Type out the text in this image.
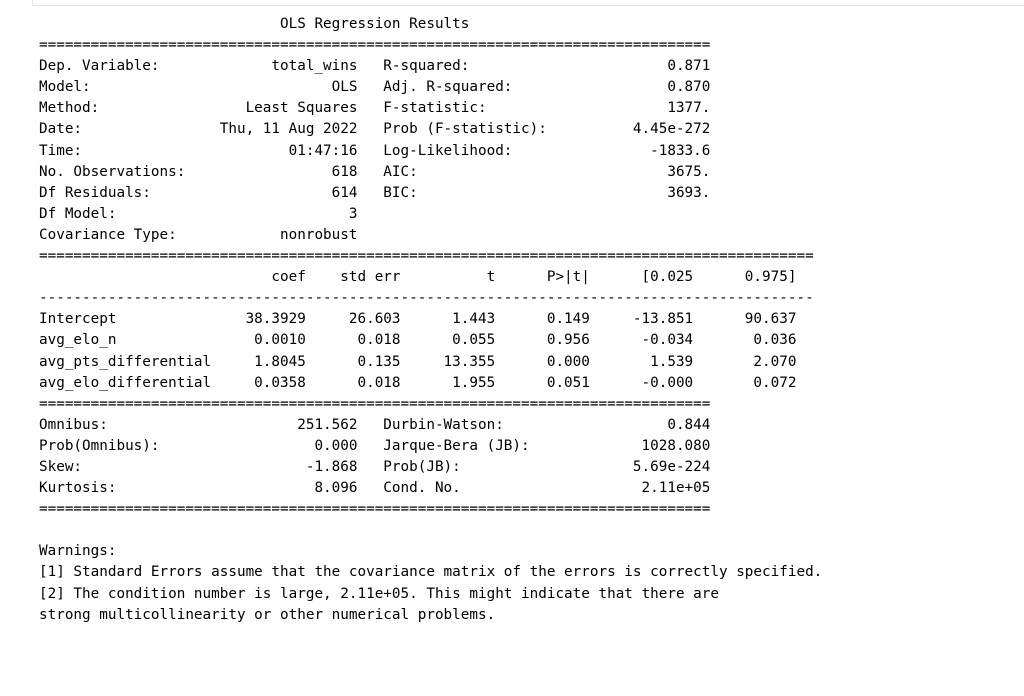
OLS Regression Results
==============================================================================
Dep. Variable:             total_wins   R-squared:                       0.871
Model:                            OLS   Adj. R-squared:                  0.870
Method:                 Least Squares   F-statistic:                     1377.
Date:                Thu, 11 Aug 2022   Prob (F-statistic):          4.45e-272
Time:                        01:47:16   Log-Likelihood:                -1833.6
No. Observations:                 618   AIC:                             3675.
Df Residuals:                     614   BIC:                             3693.
Df Model:                           3
Covariance Type:            nonrobust
==========================================================================================
coef    std err          t      P>|t|      [0.025      0.975]
------------------------------------------------------------------------------------------
Intercept               38.3929     26.603      1.443      0.149     -13.851      90.637
avg_elo_n                0.0010      0.018      0.055      0.956      -0.034       0.036
avg_pts_differential     1.8045      0.135     13.355      0.000       1.539       2.070
avg_elo_differential     0.0358      0.018      1.955      0.051      -0.000       0.072
==============================================================================
Omnibus:                      251.562   Durbin-Watson:                   0.844
Prob(Omnibus):                  0.000   Jarque-Bera (JB):             1028.080
Skew:                          -1.868   Prob(JB):                    5.69e-224
Kurtosis:                       8.096   Cond. No.                     2.11e+05
==============================================================================
Warnings:
[1] Standard Errors assume that the covariance matrix of the errors is correctly specified.
[2] The condition number is large, 2.11e+05. This might indicate that there are
strong multicollinearity or other numerical problems.
